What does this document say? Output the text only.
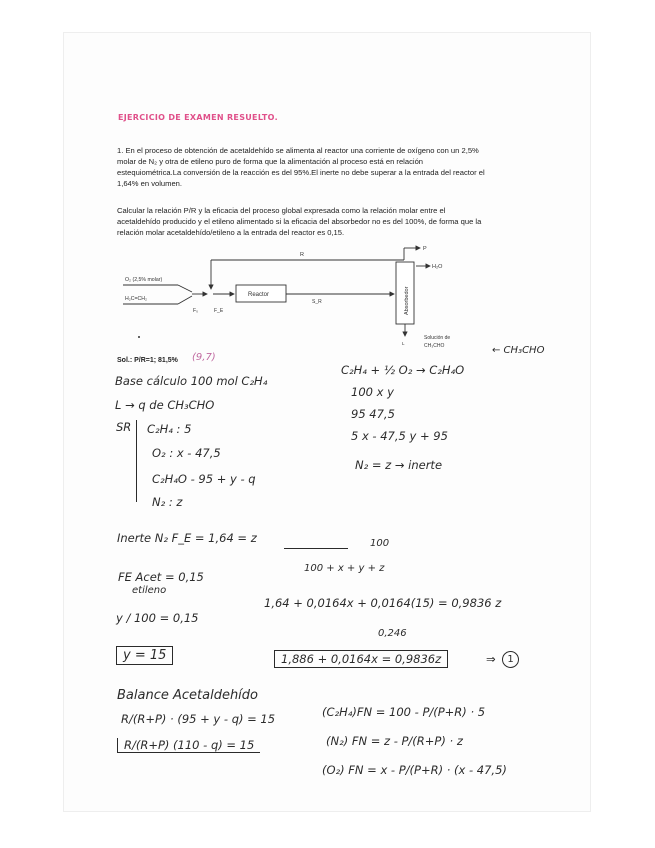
EJERCICIO DE EXAMEN RESUELTO.

1. En el proceso de obtención de acetaldehído se alimenta al reactor una corriente de oxígeno con un 2,5%

molar de N₂ y otra de etileno puro de forma que la alimentación al proceso está en relación

estequiométrica.La conversión de la reacción es del 95%.El inerte no debe superar a la entrada del reactor el

1,64% en volumen.

Calcular la relación P/R y la eficacia del proceso global expresada como la relación molar entre el

acetaldehído producido y el etileno alimentado si la eficacia del absorbedor no es del 100%, de forma que la

relación molar acetaldehído/etileno a la entrada del reactor es 0,15.

R
P
H₂O
O₂ (2,5% molar)
H₂C=CH₂
F₀	F_E
Reactor
S_R	Absorbedor
L
Solución de
CH₃CHO
Sol.: P/R=1; 81,5% (9,7)
← CH₃CHO
C₂H₄ + ½ O₂ → C₂H₄O
Base cálculo 100 mol C₂H₄
100 x y
L → q de CH₃CHO
95 47,5
SR C₂H₄ : 5	5 x - 47,5 y + 95
O₂ : x - 47,5
N₂ = z → inerte
C₂H₄O - 95 + y - q
N₂ : z
Inerte N₂ F_E = 1,64 = z	100
100 + x + y + z
FE Acet = 0,15
etileno
1,64 + 0,0164x + 0,0164(15) = 0,9836 z
y / 100 = 0,15
0,246
y = 15	1,886 + 0,0164x = 0,9836z	1
⇒
Balance Acetaldehído
R/(R+P) · (95 + y - q) = 15	(C₂H₄)FN = 100 - P/(P+R) · 5
R/(R+P) (110 - q) = 15	(N₂) FN = z - P/(R+P) · z
(O₂) FN = x - P/(P+R) · (x - 47,5)
